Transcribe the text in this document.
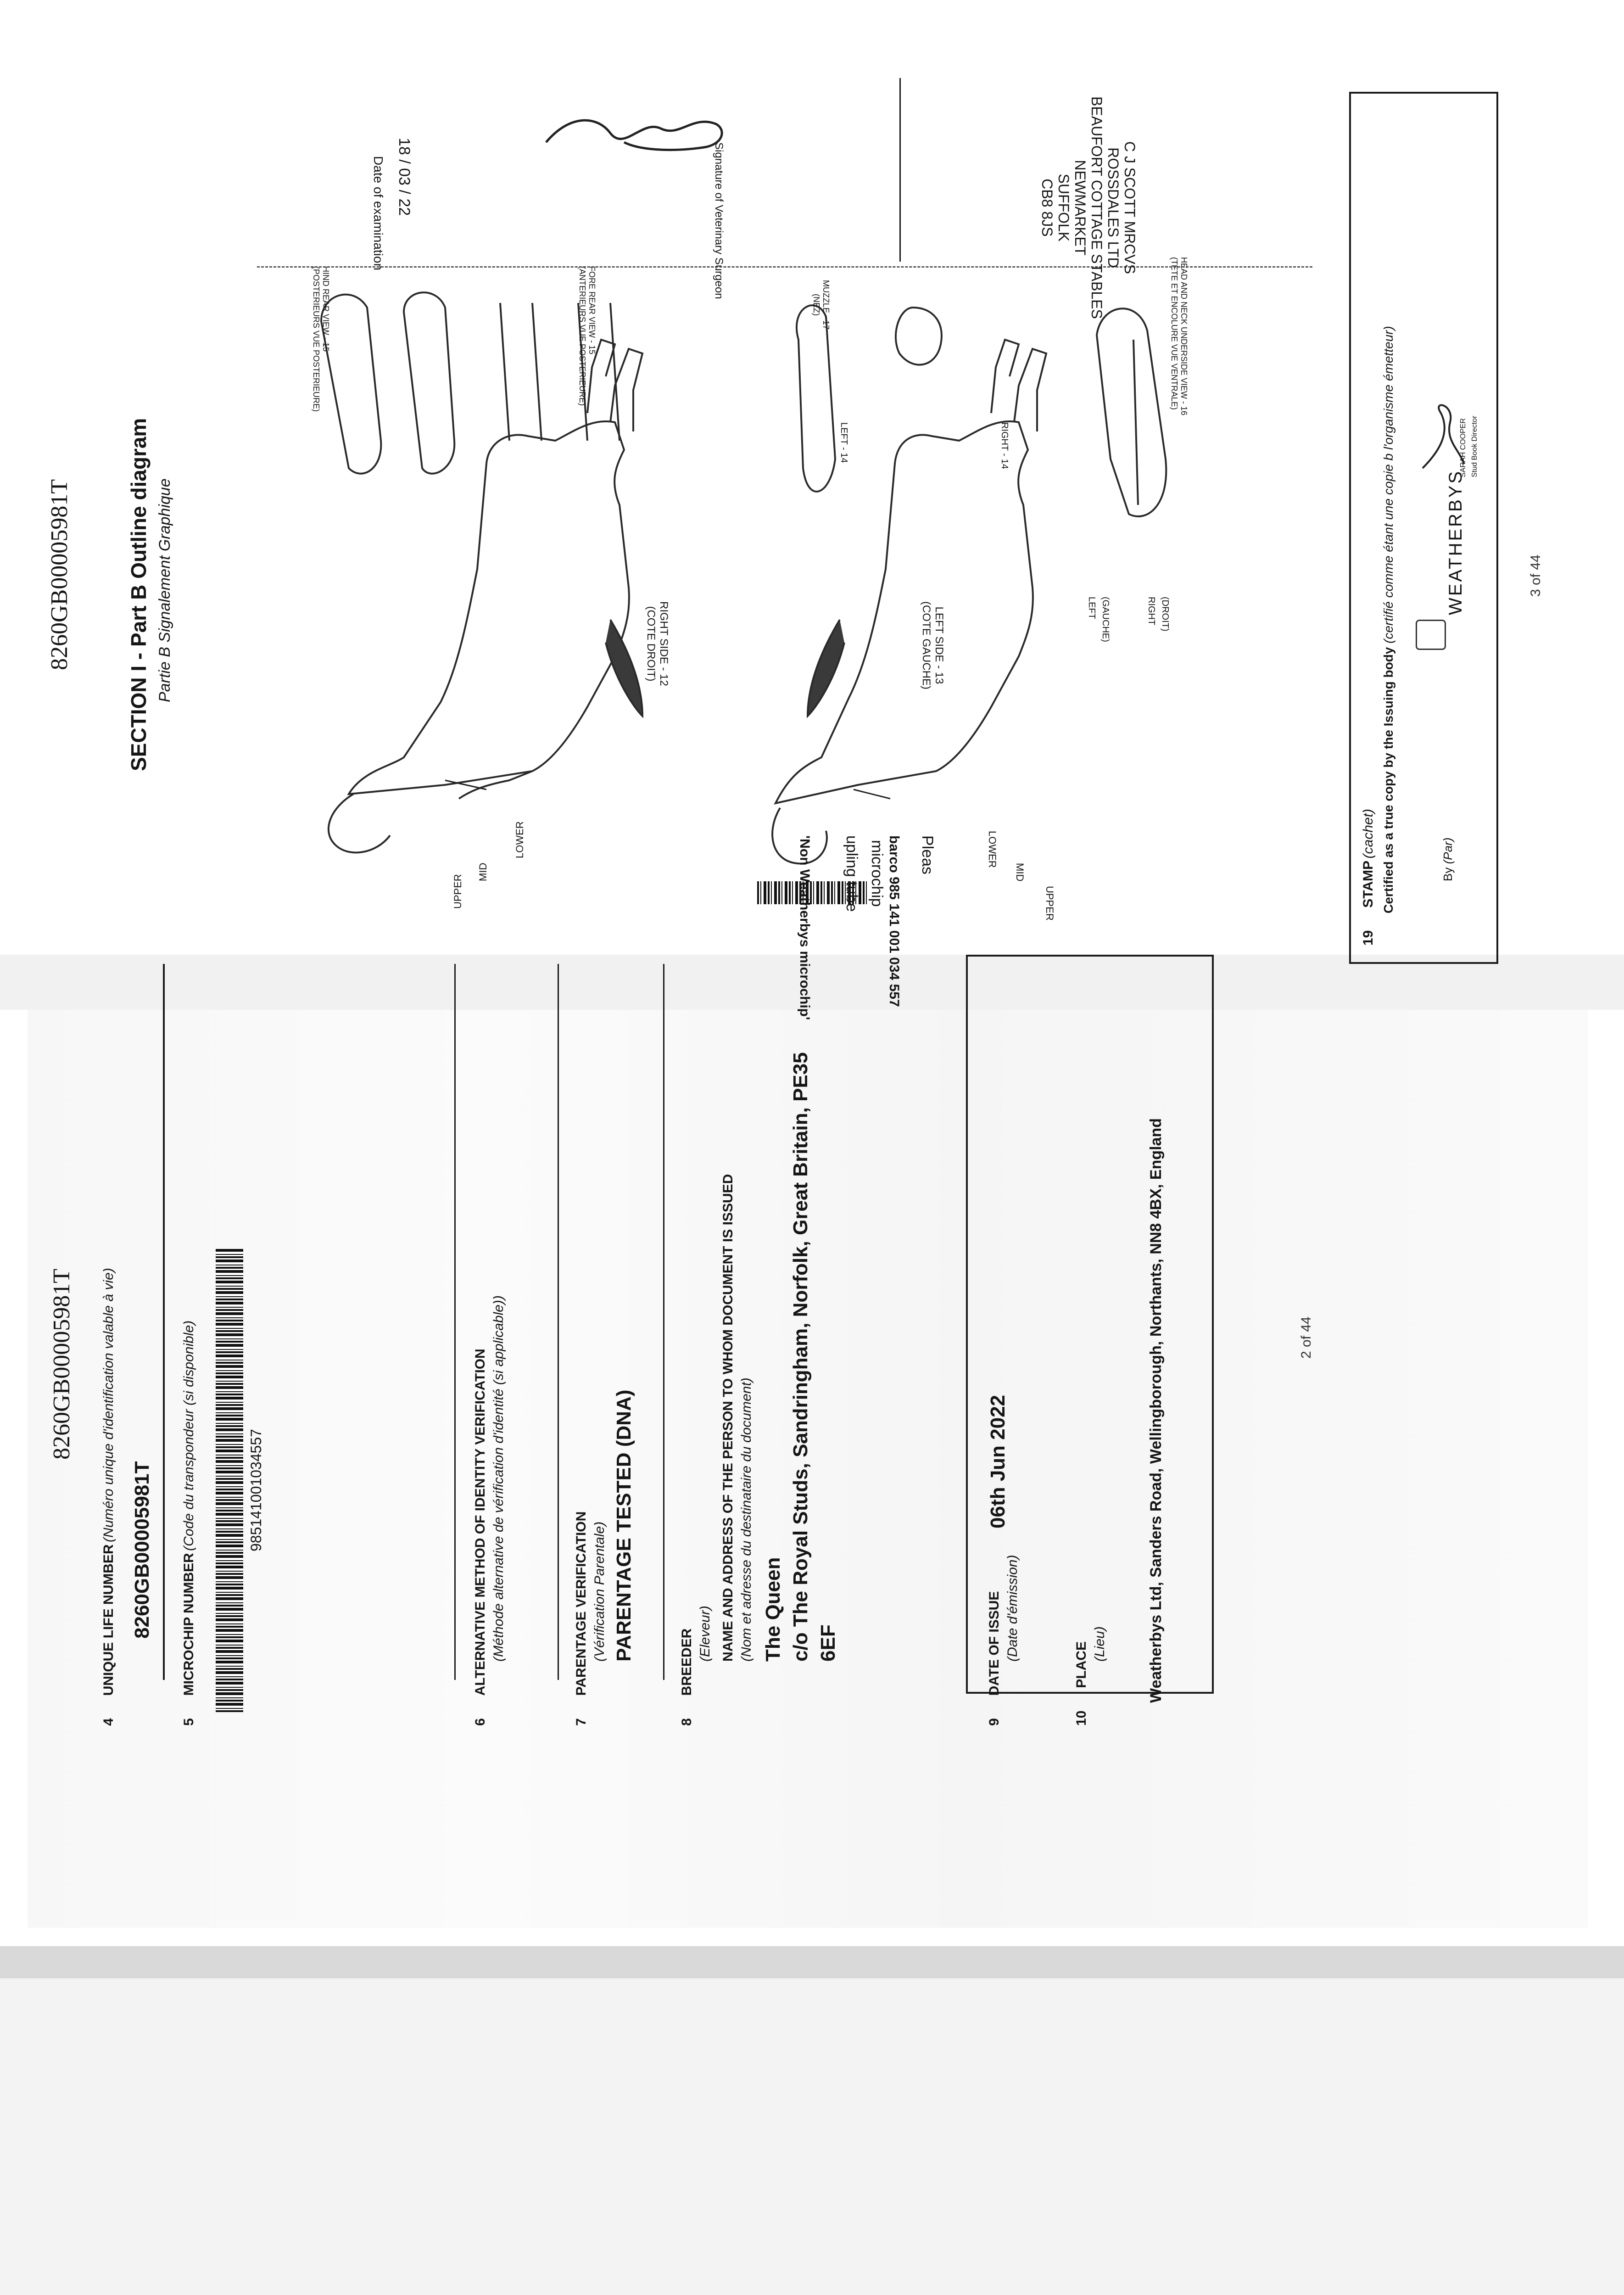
8260GB00005981T
4  UNIQUE LIFE NUMBER (Numéro unique d'identification valable à vie)
8260GB00005981T
5  MICROCHIP NUMBER (Code du transpondeur (si disponible)	985141001034557
6  ALTERNATIVE METHOD OF IDENTITY VERIFICATION (Méthode alternative de vérification d'identité (si applicable))
7  PARENTAGE VERIFICATION (Vérification Parentale) PARENTAGE TESTED (DNA)
8  BREEDER (Eleveur) NAME AND ADDRESS OF THE PERSON TO WHOM DOCUMENT IS ISSUED (Nom et adresse du destinataire du document) The Queen c/o The Royal Studs, Sandringham, Norfolk, Great Britain, PE35 6EF
9  DATE OF ISSUE (Date d'émission)
06th Jun 2022
10  PLACE (Lieu)	Weatherbys Ltd, Sanders Road, Wellingborough, Northants, NN8 4BX, England	2 of 44
8260GB00005981T	SECTION I - Part B Outline diagram Partie B Signalement Graphique	RIGHT SIDE - 12
(COTE DROIT)	LEFT SIDE - 13
(COTE GAUCHE)
UPPER
MID
LOWER	LOWER
MID
UPPER
LEFT - 14	RIGHT - 14
LEFT	RIGHT
(GAUCHE)	(DROIT)
MUZZLE - 17
(NEZ)	HEAD AND NECK UNDERSIDE VIEW - 16
(TETE ET ENCOLURE VUE VENTRALE)
FORE REAR VIEW - 15
(ANTERIEURS VUE POSTERIEURE)
HIND REAR VIEW - 15
(POSTERIEURS VUE POSTERIEURE)
Pleas
barco 985 141 001 034 557
microchip
upling tube
'Non Weatherbys microchip'
18 / 03 / 22
Date of examination	Signature of Veterinary Surgeon	C J SCOTT MRCVS
ROSSDALES LTD
BEAUFORT COTTAGE STABLES
NEWMARKET
SUFFOLK
CB8 8JS
19  STAMP (cachet) Certified as a true copy by the Issuing body (certifié comme étant une copie b l'organisme émetteur)
By (Par)
WEATHERBYS
SARAH COOPER Stud Book Director
3 of 44
